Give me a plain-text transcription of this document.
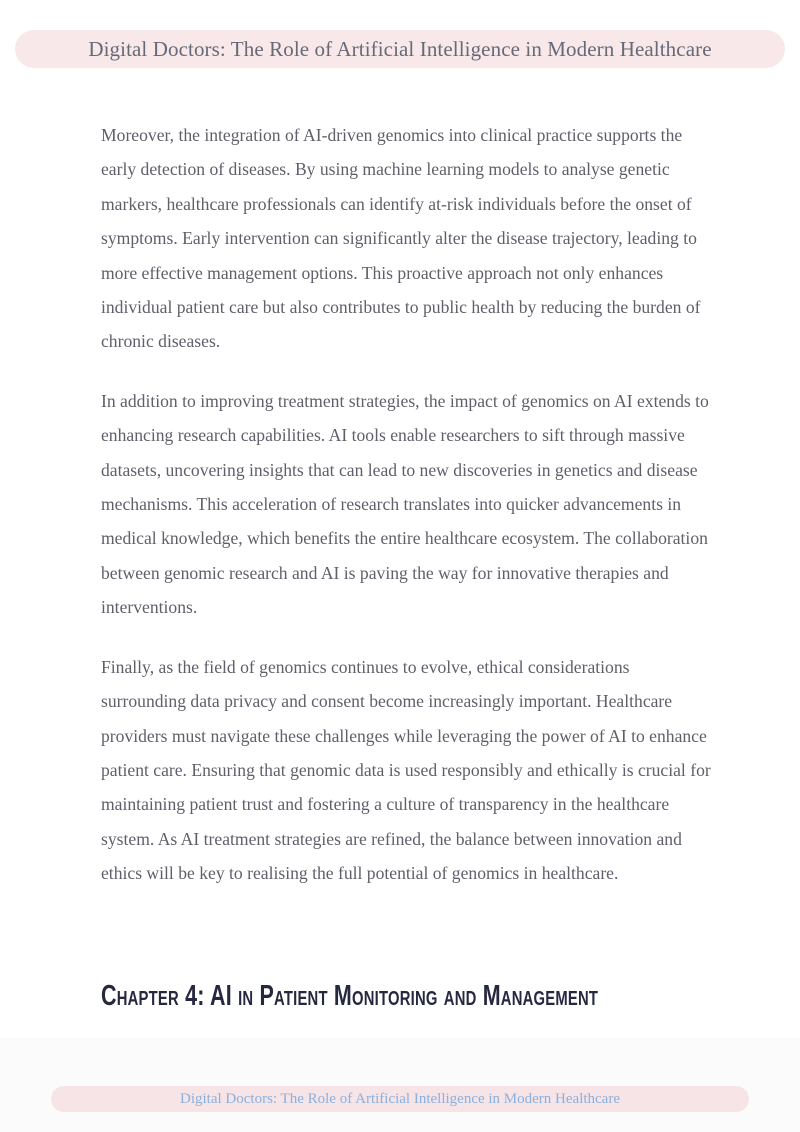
Digital Doctors: The Role of Artificial Intelligence in Modern Healthcare

Moreover, the integration of AI-driven genomics into clinical practice supports the early detection of diseases. By using machine learning models to analyse genetic markers, healthcare professionals can identify at-risk individuals before the onset of symptoms. Early intervention can significantly alter the disease trajectory, leading to more effective management options. This proactive approach not only enhances individual patient care but also contributes to public health by reducing the burden of chronic diseases.

In addition to improving treatment strategies, the impact of genomics on AI extends to enhancing research capabilities. AI tools enable researchers to sift through massive datasets, uncovering insights that can lead to new discoveries in genetics and disease mechanisms. This acceleration of research translates into quicker advancements in medical knowledge, which benefits the entire healthcare ecosystem. The collaboration between genomic research and AI is paving the way for innovative therapies and interventions.

Finally, as the field of genomics continues to evolve, ethical considerations surrounding data privacy and consent become increasingly important. Healthcare providers must navigate these challenges while leveraging the power of AI to enhance patient care. Ensuring that genomic data is used responsibly and ethically is crucial for maintaining patient trust and fostering a culture of transparency in the healthcare system. As AI treatment strategies are refined, the balance between innovation and ethics will be key to realising the full potential of genomics in healthcare.

Chapter 4: AI in Patient Monitoring and Management
Digital Doctors: The Role of Artificial Intelligence in Modern Healthcare
